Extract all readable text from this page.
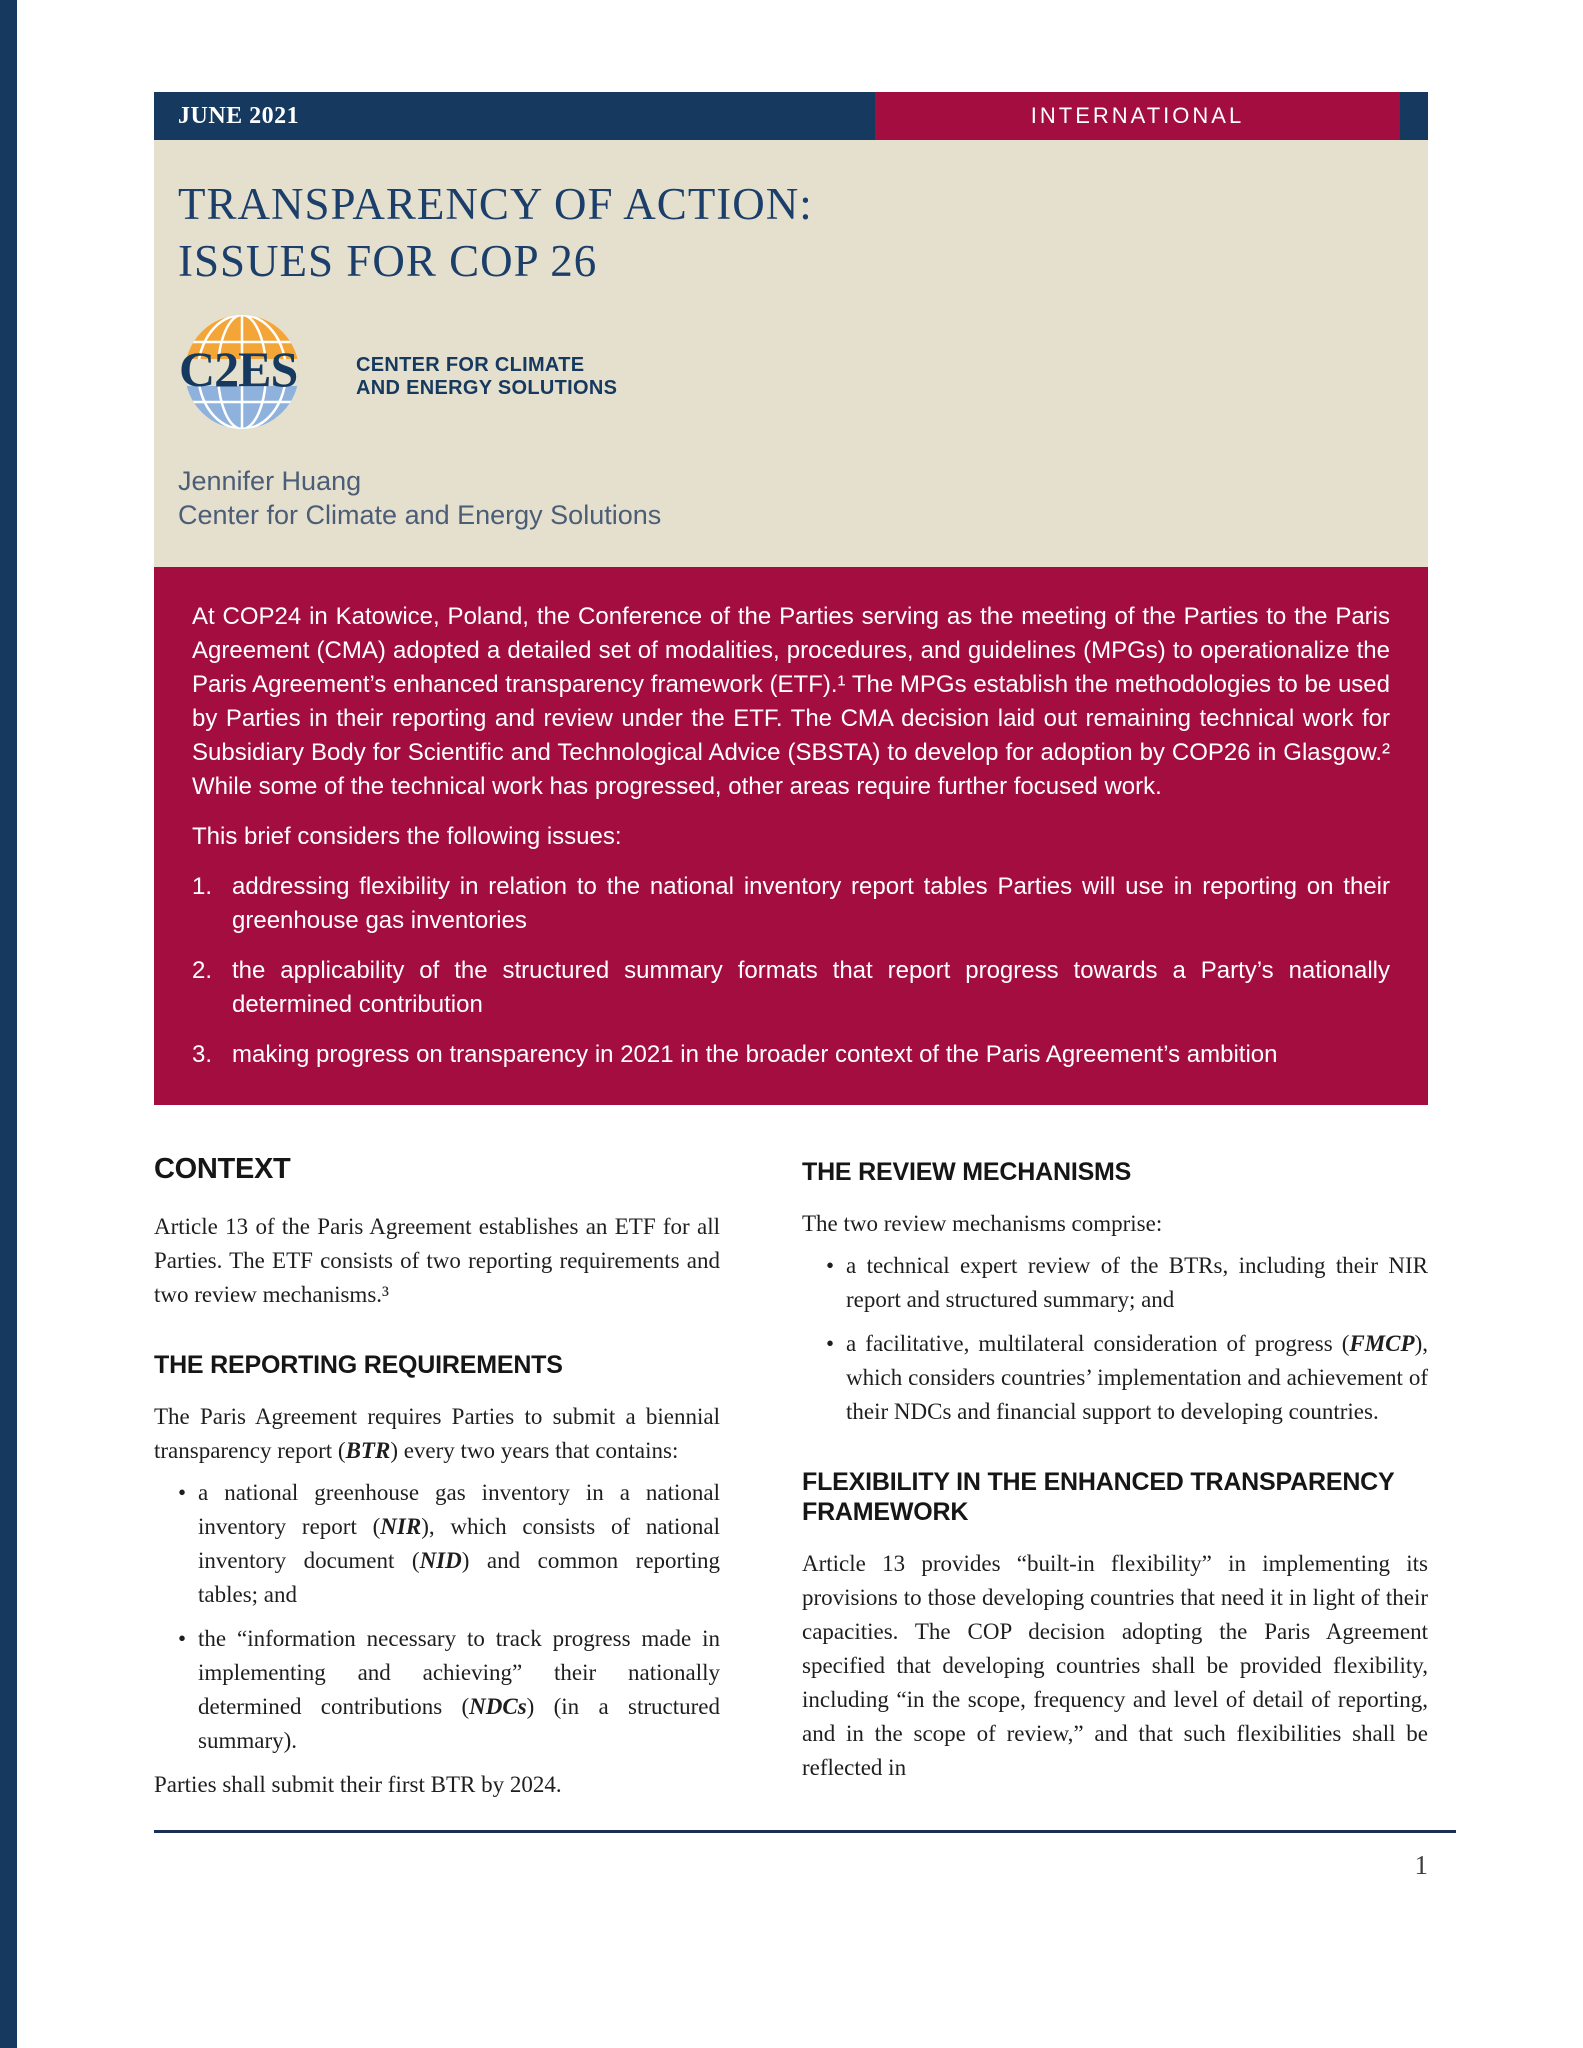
JUNE 2021	INTERNATIONAL
TRANSPARENCY OF ACTION:
ISSUES FOR COP 26
C2ES	CENTER FOR CLIMATE
AND ENERGY SOLUTIONS
Jennifer Huang
Center for Climate and Energy Solutions

At COP24 in Katowice, Poland, the Conference of the Parties serving as the meeting of the Parties to the Paris Agreement (CMA) adopted a detailed set of modalities, procedures, and guidelines (MPGs) to operationalize the Paris Agreement’s enhanced transparency framework (ETF).¹ The MPGs establish the methodologies to be used by Parties in their reporting and review under the ETF. The CMA decision laid out remaining technical work for Subsidiary Body for Scientific and Technological Advice (SBSTA) to develop for adoption by COP26 in Glasgow.² While some of the technical work has progressed, other areas require further focused work.

This brief considers the following issues:

1. addressing flexibility in relation to the national inventory report tables Parties will use in reporting on their greenhouse gas inventories
2. the applicability of the structured summary formats that report progress towards a Party’s nationally determined contribution
3. making progress on transparency in 2021 in the broader context of the Paris Agreement’s ambition
CONTEXT

Article 13 of the Paris Agreement establishes an ETF for all Parties. The ETF consists of two reporting requirements and two review mechanisms.³

THE REPORTING REQUIREMENTS

The Paris Agreement requires Parties to submit a biennial transparency report (BTR) every two years that contains:

• a national greenhouse gas inventory in a national inventory report (NIR), which consists of national inventory document (NID) and common reporting tables; and
• the “information necessary to track progress made in implementing and achieving” their nationally determined contributions (NDCs) (in a structured summary).

Parties shall submit their first BTR by 2024.

THE REVIEW MECHANISMS

The two review mechanisms comprise:

• a technical expert review of the BTRs, including their NIR report and structured summary; and
• a facilitative, multilateral consideration of progress (FMCP), which considers countries’ implementation and achievement of their NDCs and financial support to developing countries.
FLEXIBILITY IN THE ENHANCED TRANSPARENCY
FRAMEWORK

Article 13 provides “built-in flexibility” in implementing its provisions to those developing countries that need it in light of their capacities. The COP decision adopting the Paris Agreement specified that developing countries shall be provided flexibility, including “in the scope, frequency and level of detail of reporting, and in the scope of review,” and that such flexibilities shall be reflected in

1
